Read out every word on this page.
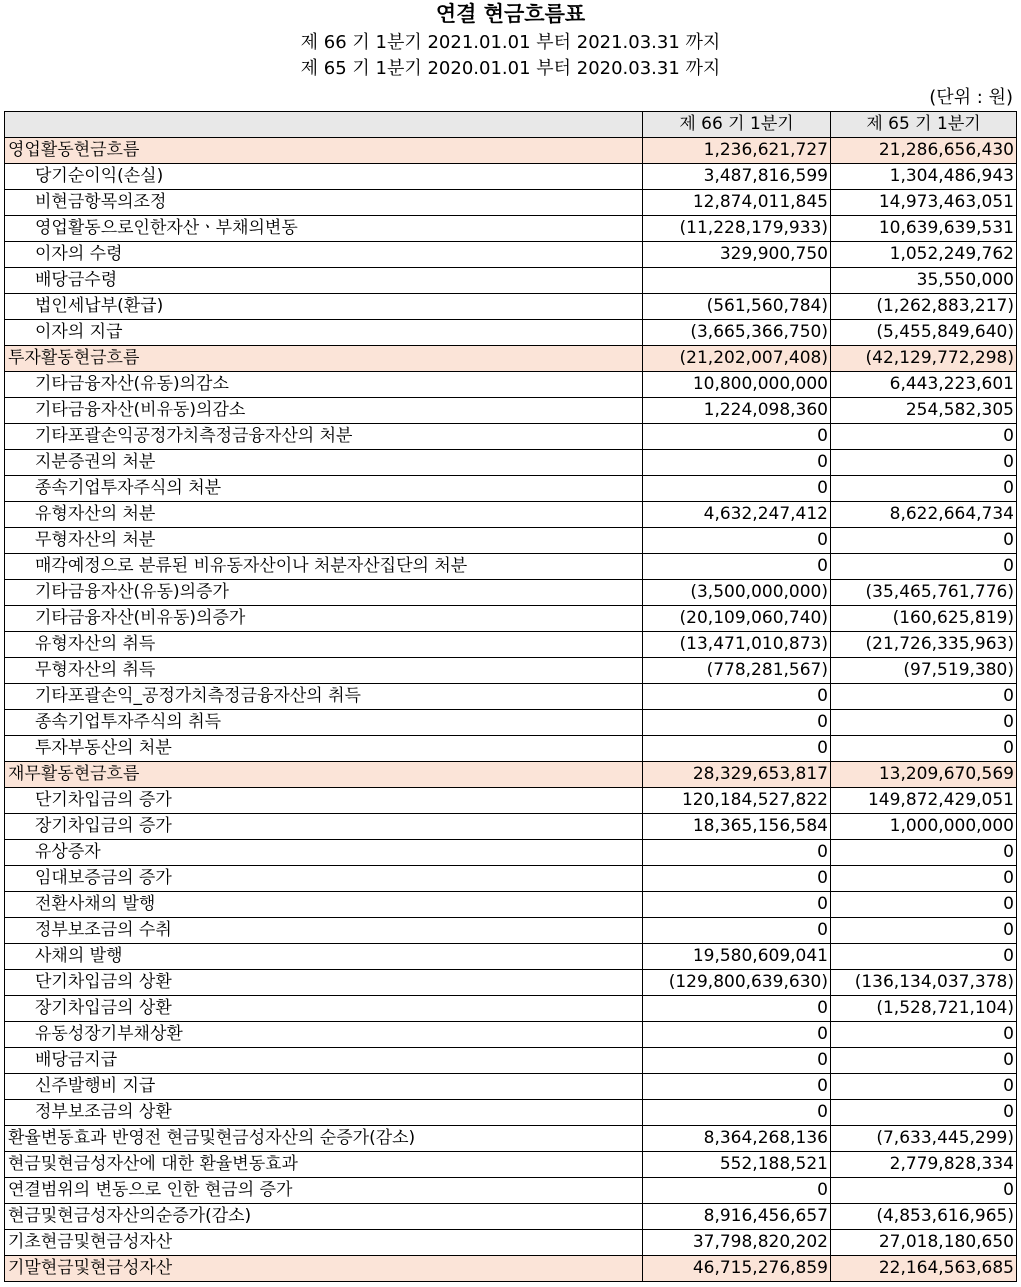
연결 현금흐름표
제 66 기 1분기 2021.01.01 부터 2021.03.31 까지
제 65 기 1분기 2020.01.01 부터 2020.03.31 까지
(단위 : 원)
	제 66 기 1분기	제 65 기 1분기
영업활동현금흐름	1,236,621,727	21,286,656,430
당기순이익(손실)	3,487,816,599	1,304,486,943
비현금항목의조정	12,874,011,845	14,973,463,051
영업활동으로인한자산ㆍ부채의변동	(11,228,179,933)	10,639,639,531
이자의 수령	329,900,750	1,052,249,762
배당금수령		35,550,000
법인세납부(환급)	(561,560,784)	(1,262,883,217)
이자의 지급	(3,665,366,750)	(5,455,849,640)
투자활동현금흐름	(21,202,007,408)	(42,129,772,298)
기타금융자산(유동)의감소	10,800,000,000	6,443,223,601
기타금융자산(비유동)의감소	1,224,098,360	254,582,305
기타포괄손익공정가치측정금융자산의 처분	0	0
지분증권의 처분	0	0
종속기업투자주식의 처분	0	0
유형자산의 처분	4,632,247,412	8,622,664,734
무형자산의 처분	0	0
매각예정으로 분류된 비유동자산이나 처분자산집단의 처분	0	0
기타금융자산(유동)의증가	(3,500,000,000)	(35,465,761,776)
기타금융자산(비유동)의증가	(20,109,060,740)	(160,625,819)
유형자산의 취득	(13,471,010,873)	(21,726,335,963)
무형자산의 취득	(778,281,567)	(97,519,380)
기타포괄손익_공정가치측정금융자산의 취득	0	0
종속기업투자주식의 취득	0	0
투자부동산의 처분	0	0
재무활동현금흐름	28,329,653,817	13,209,670,569
단기차입금의 증가	120,184,527,822	149,872,429,051
장기차입금의 증가	18,365,156,584	1,000,000,000
유상증자	0	0
임대보증금의 증가	0	0
전환사채의 발행	0	0
정부보조금의 수취	0	0
사채의 발행	19,580,609,041	0
단기차입금의 상환	(129,800,639,630)	(136,134,037,378)
장기차입금의 상환	0	(1,528,721,104)
유동성장기부채상환	0	0
배당금지급	0	0
신주발행비 지급	0	0
정부보조금의 상환	0	0
환율변동효과 반영전 현금및현금성자산의 순증가(감소)	8,364,268,136	(7,633,445,299)
현금및현금성자산에 대한 환율변동효과	552,188,521	2,779,828,334
연결범위의 변동으로 인한 현금의 증가	0	0
현금및현금성자산의순증가(감소)	8,916,456,657	(4,853,616,965)
기초현금및현금성자산	37,798,820,202	27,018,180,650
기말현금및현금성자산	46,715,276,859	22,164,563,685
